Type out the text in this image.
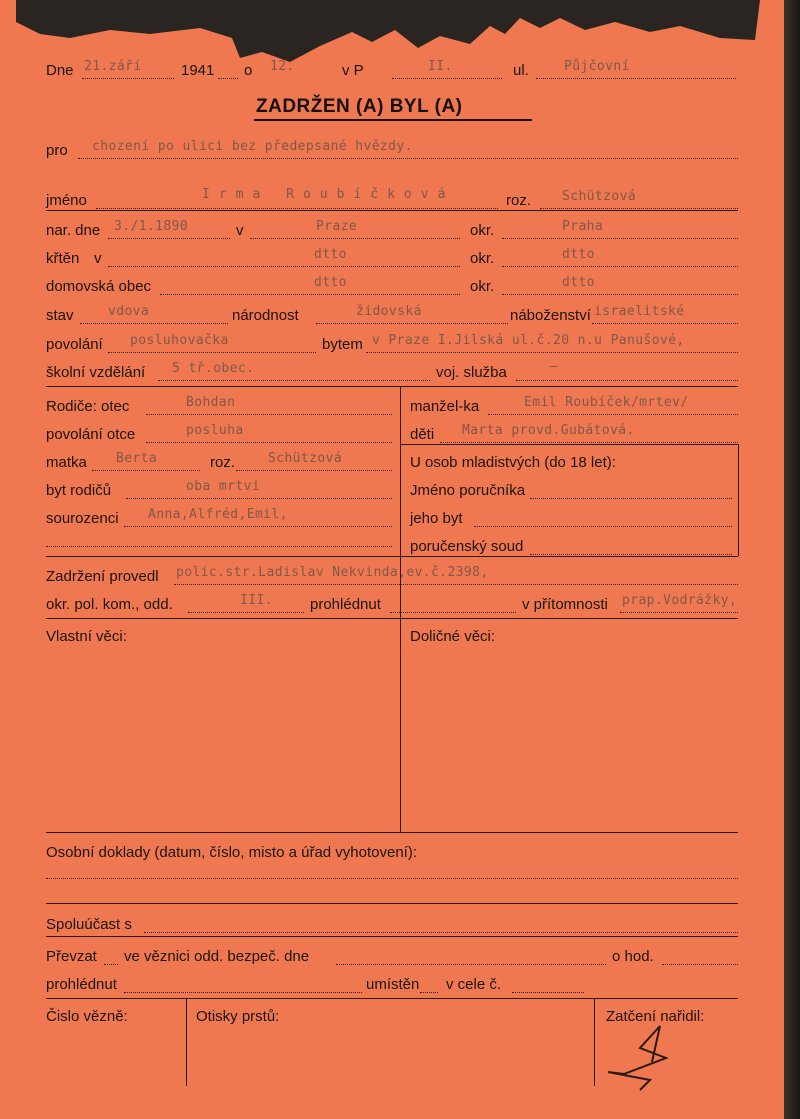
Dne 21.září	1941 o 12.	v P	II.	ul.	Půjčovní
ZADRŽEN (A) BYL (A)
pro chození po ulici bez předepsané hvězdy.
jméno	Irma Roubíčková	roz. Schützová
nar. dne 3./1.1890	v	Praze	okr.	Praha
křtěn v	dtto	okr.	dtto
domovská obec	dtto	okr.	dtto
stav	vdova	národnost	židovská	náboženství israelitské
povolání posluhovačka	bytem v Praze I.Jilská ul.č.20 n.u Panušové,
školní vzdělání 5 tř.obec.	voj. služba	—
Rodiče: otec	Bohdan
povolání otce	posluha
matka Berta	roz.	Schützová
byt rodičů	oba mrtvi
sourozenci Anna,Alfréd,Emil,
manžel-ka	Emil Roubíček/mrtev/
děti Marta provd.Gubátová.
U osob mladistvých (do 18 let):
Jméno poručníka
jeho byt
poručenský soud
Zadržení provedl polic.str.Ladislav Nekvinda,ev.č.2398,
okr. pol. kom., odd.	III. prohlédnut	v přítomnosti prap.Vodrážky,
Vlastní věci:	Doličné věci:
Osobní doklady (datum, číslo, misto a úřad vyhotovení):
Spoluúčast s
Převzat ve věznici odd. bezpeč. dne	o hod.
prohlédnut	umístěn v cele č.
Čislo vězně:	Otisky prstů:	Zatčení nařidil:
